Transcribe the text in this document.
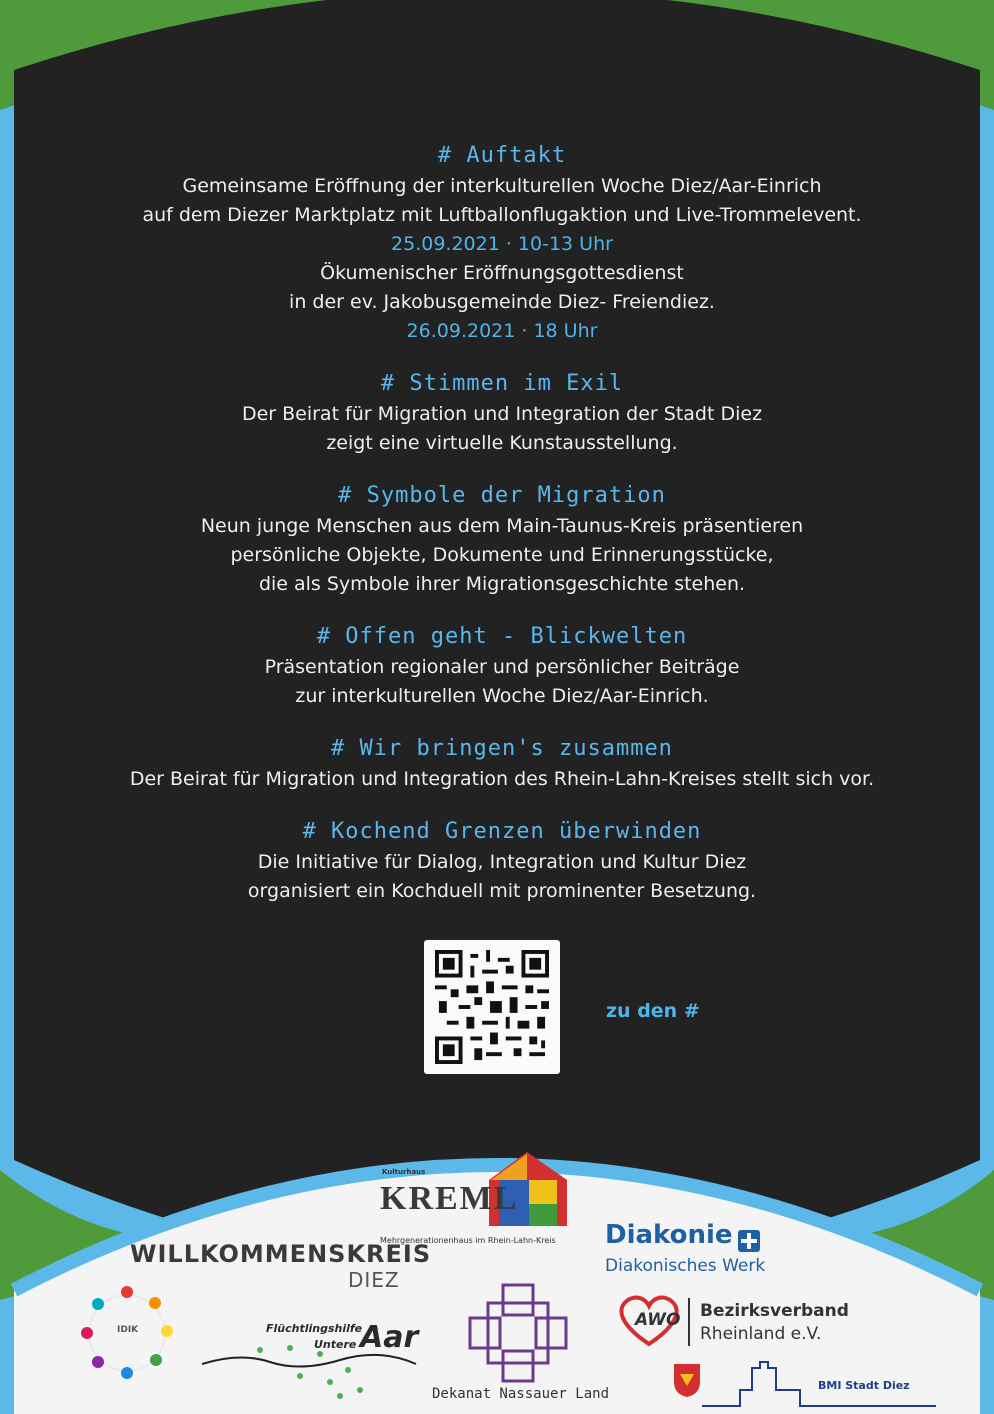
# Auftakt
Gemeinsame Eröffnung der interkulturellen Woche Diez/Aar-Einrich
auf dem Diezer Marktplatz mit Luftballonflugaktion und Live-Trommelevent.
25.09.2021 · 10-13 Uhr
Ökumenischer Eröffnungsgottesdienst
in der ev. Jakobusgemeinde Diez- Freiendiez.
26.09.2021 · 18 Uhr
# Stimmen im Exil
Der Beirat für Migration und Integration der Stadt Diez
zeigt eine virtuelle Kunstausstellung.
# Symbole der Migration
Neun junge Menschen aus dem Main-Taunus-Kreis präsentieren
persönliche Objekte, Dokumente und Erinnerungsstücke,
die als Symbole ihrer Migrationsgeschichte stehen.
# Offen geht - Blickwelten
Präsentation regionaler und persönlicher Beiträge
zur interkulturellen Woche Diez/Aar-Einrich.
# Wir bringen's zusammen
Der Beirat für Migration und Integration des Rhein-Lahn-Kreises stellt sich vor.
# Kochend Grenzen überwinden
Die Initiative für Dialog, Integration und Kultur Diez
organisiert ein Kochduell mit prominenter Besetzung.
zu den #
Kulturhaus
KREML
Mehrgenerationenhaus im Rhein-Lahn-Kreis Diakonie
Diakonisches Werk
WILLKOMMENSKREIS
DIEZ
IDIK	Flüchtlingshilfe
Untere Aar
Dekanat Nassauer Land
AWO Bezirksverband
Rheinland e.V.
BMI Stadt Diez
